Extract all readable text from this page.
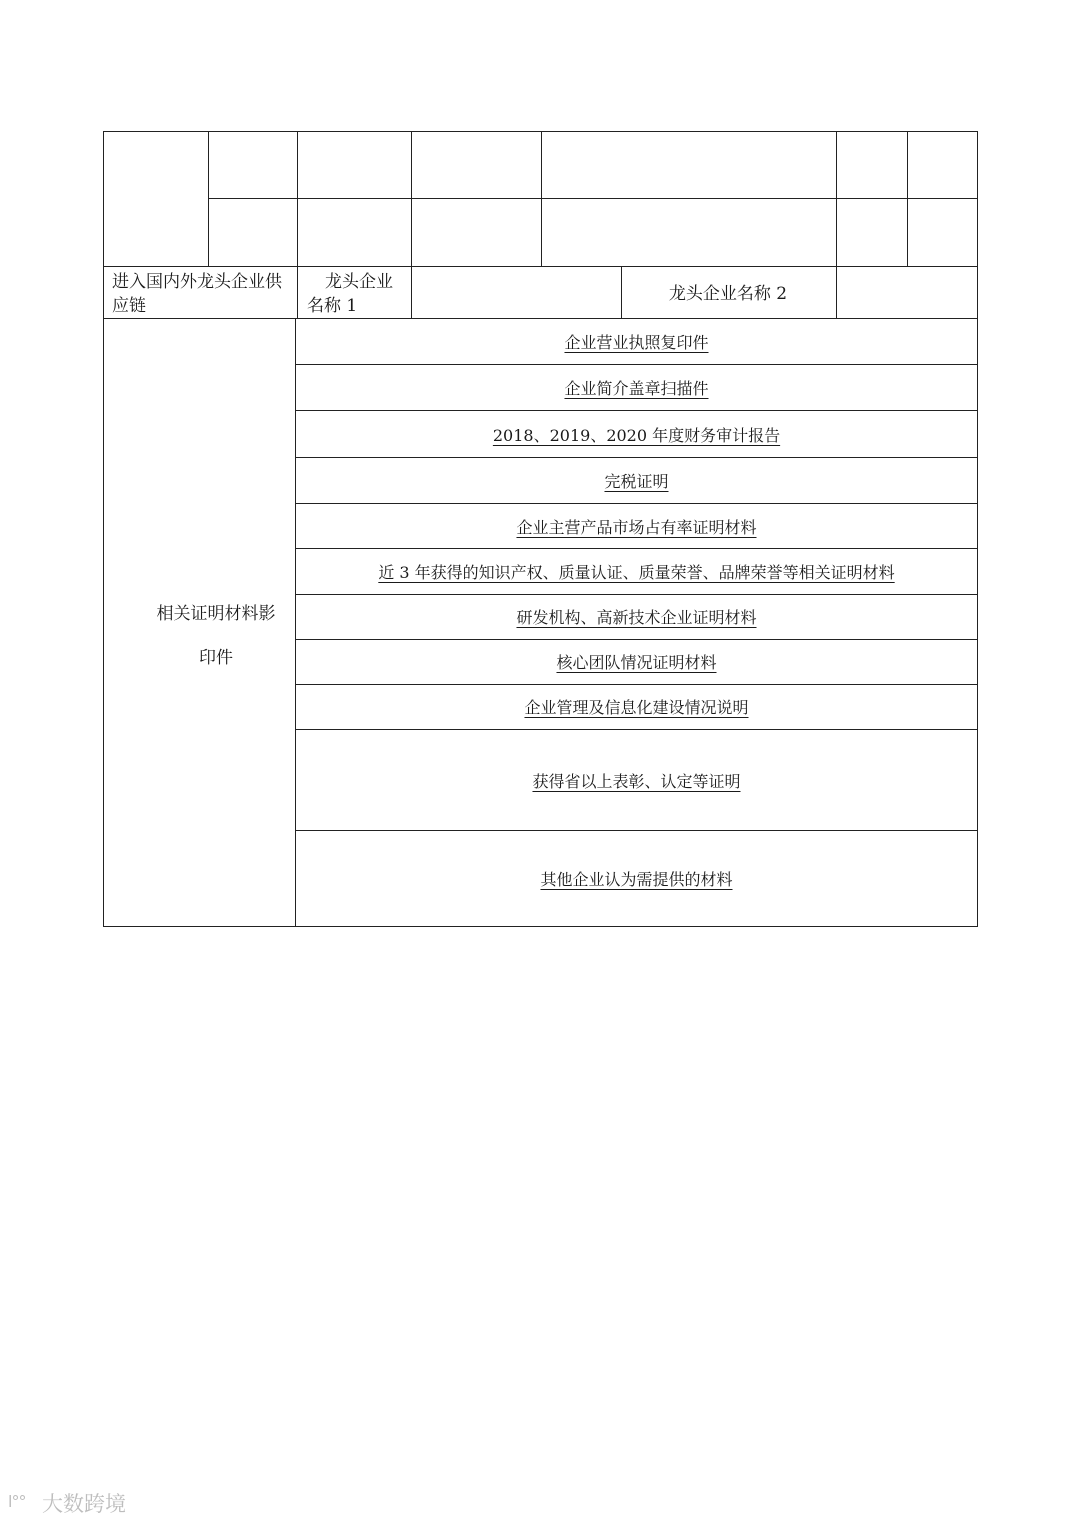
进入国内外龙头企业供应链
龙头企业名称 1
龙头企业名称 2
相关证明材料影印件
企业营业执照复印件
企业简介盖章扫描件
2018、2019、2020 年度财务审计报告
完税证明
企业主营产品市场占有率证明材料
近 3 年获得的知识产权、质量认证、质量荣誉、品牌荣誉等相关证明材料
研发机构、高新技术企业证明材料
核心团队情况证明材料
企业管理及信息化建设情况说明
获得省以上表彰、认定等证明
其他企业认为需提供的材料
l°° 大数跨境
